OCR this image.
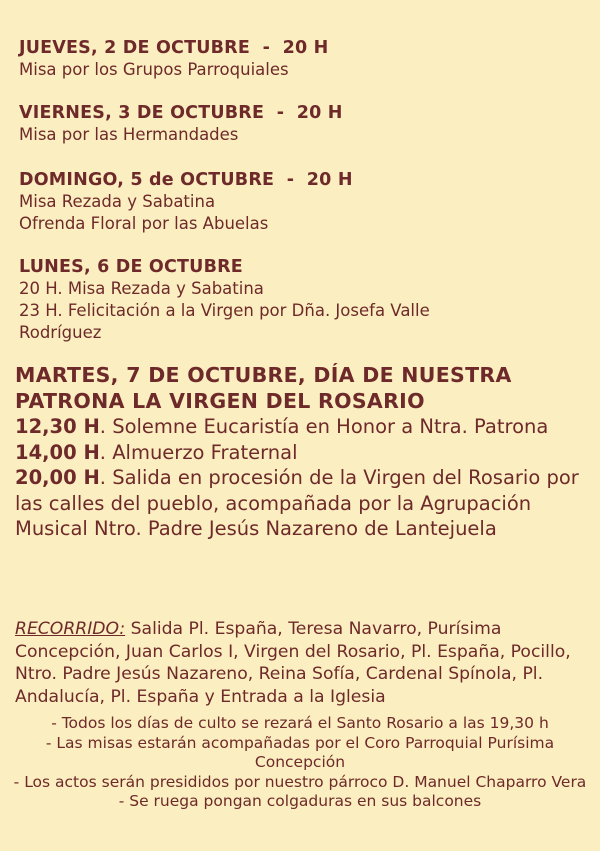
JUEVES, 2 DE OCTUBRE  -  20 H
Misa por los Grupos Parroquiales
VIERNES, 3 DE OCTUBRE  -  20 H
Misa por las Hermandades
DOMINGO, 5 de OCTUBRE  -  20 H
Misa Rezada y Sabatina
Ofrenda Floral por las Abuelas
LUNES, 6 DE OCTUBRE
20 H. Misa Rezada y Sabatina
23 H. Felicitación a la Virgen por Dña. Josefa Valle
Rodríguez
MARTES, 7 DE OCTUBRE, DÍA DE NUESTRA
PATRONA LA VIRGEN DEL ROSARIO
12,30 H. Solemne Eucaristía en Honor a Ntra. Patrona
14,00 H. Almuerzo Fraternal
20,00 H. Salida en procesión de la Virgen del Rosario por las calles del pueblo, acompañada por la Agrupación Musical Ntro. Padre Jesús Nazareno de Lantejuela
RECORRIDO: Salida Pl. España, Teresa Navarro, Purísima Concepción, Juan Carlos I, Virgen del Rosario, Pl. España, Pocillo, Ntro. Padre Jesús Nazareno, Reina Sofía, Cardenal Spínola, Pl. Andalucía, Pl. España y Entrada a la Iglesia
- Todos los días de culto se rezará el Santo Rosario a las 19,30 h
- Las misas estarán acompañadas por el Coro Parroquial Purísima Concepción
- Los actos serán presididos por nuestro párroco D. Manuel Chaparro Vera
- Se ruega pongan colgaduras en sus balcones
